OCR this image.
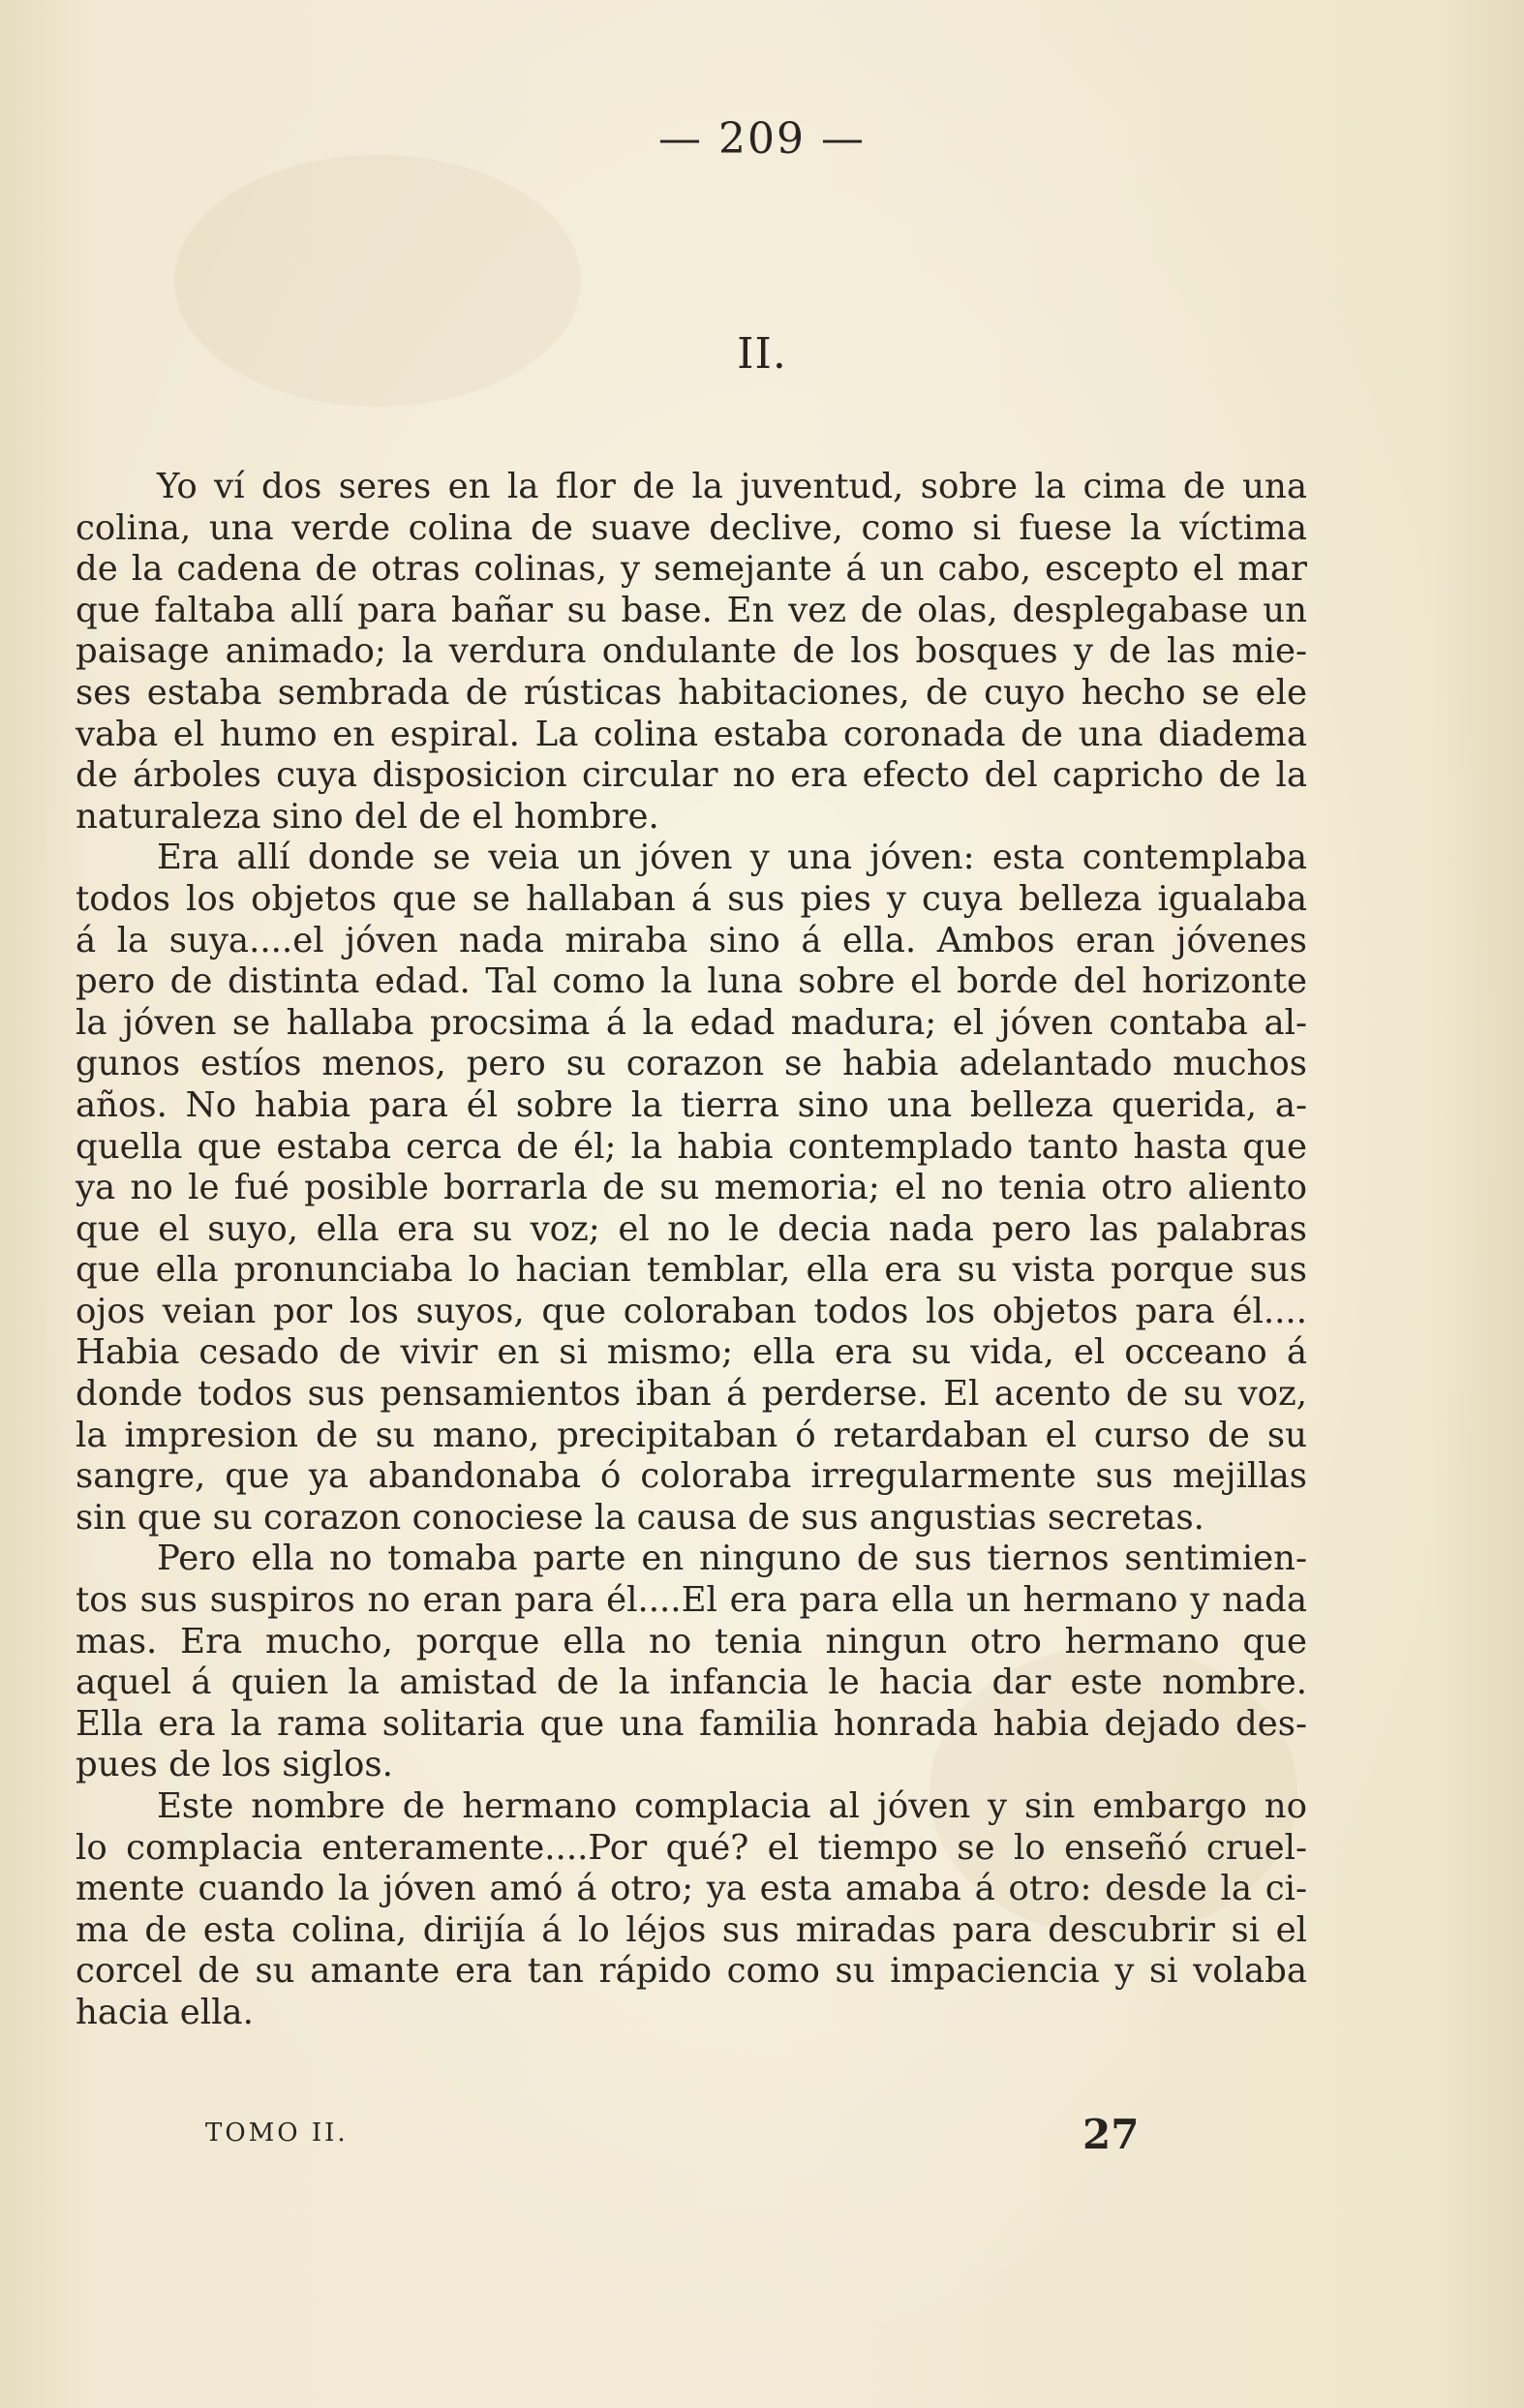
— 209 —
II.
Yo ví dos seres en la flor de la juventud, sobre la cima de una
colina, una verde colina de suave declive, como si fuese la víctima
de la cadena de otras colinas, y semejante á un cabo, escepto el mar
que faltaba allí para bañar su base. En vez de olas, desplegabase un
paisage animado; la verdura ondulante de los bosques y de las mie-
ses estaba sembrada de rústicas habitaciones, de cuyo hecho se ele
vaba el humo en espiral. La colina estaba coronada de una diadema
de árboles cuya disposicion circular no era efecto del capricho de la
naturaleza sino del de el hombre.
Era allí donde se veia un jóven y una jóven: esta contemplaba
todos los objetos que se hallaban á sus pies y cuya belleza igualaba
á la suya....el jóven nada miraba sino á ella. Ambos eran jóvenes
pero de distinta edad. Tal como la luna sobre el borde del horizonte
la jóven se hallaba procsima á la edad madura; el jóven contaba al-
gunos estíos menos, pero su corazon se habia adelantado muchos
años. No habia para él sobre la tierra sino una belleza querida, a-
quella que estaba cerca de él; la habia contemplado tanto hasta que
ya no le fué posible borrarla de su memoria; el no tenia otro aliento
que el suyo, ella era su voz; el no le decia nada pero las palabras
que ella pronunciaba lo hacian temblar, ella era su vista porque sus
ojos veian por los suyos, que coloraban todos los objetos para él....
Habia cesado de vivir en si mismo; ella era su vida, el occeano á
donde todos sus pensamientos iban á perderse. El acento de su voz,
la impresion de su mano, precipitaban ó retardaban el curso de su
sangre, que ya abandonaba ó coloraba irregularmente sus mejillas
sin que su corazon conociese la causa de sus angustias secretas.
Pero ella no tomaba parte en ninguno de sus tiernos sentimien-
tos sus suspiros no eran para él....El era para ella un hermano y nada
mas. Era mucho, porque ella no tenia ningun otro hermano que
aquel á quien la amistad de la infancia le hacia dar este nombre.
Ella era la rama solitaria que una familia honrada habia dejado des-
pues de los siglos.
Este nombre de hermano complacia al jóven y sin embargo no
lo complacia enteramente....Por qué? el tiempo se lo enseñó cruel-
mente cuando la jóven amó á otro; ya esta amaba á otro: desde la ci-
ma de esta colina, dirijía á lo léjos sus miradas para descubrir si el
corcel de su amante era tan rápido como su impaciencia y si volaba
hacia ella.
TOMO II.	27
